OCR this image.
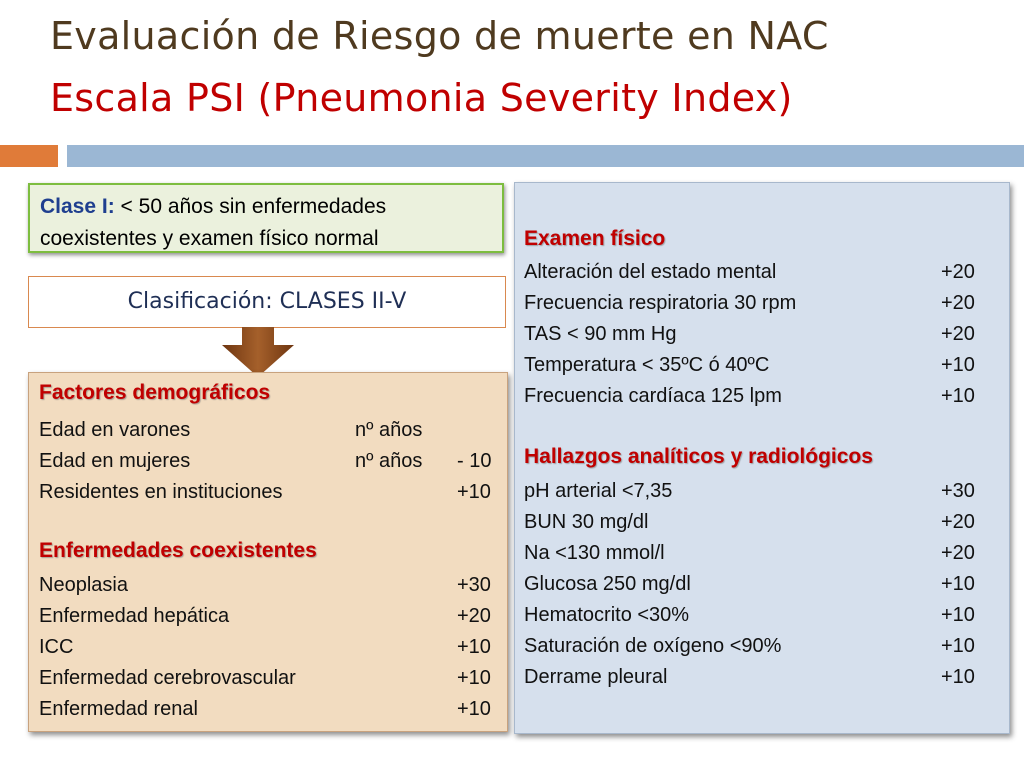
Evaluación de Riesgo de muerte en NAC
Escala PSI (Pneumonia Severity Index)
Clase I: < 50 años sin enfermedades
coexistentes y examen físico normal
Clasificación: CLASES II-V
Factores demográficos
Edad en varones	nº años
Edad en mujeres	nº años - 10
Residentes en instituciones	+10
Enfermedades coexistentes
Neoplasia	+30
Enfermedad hepática	+20
ICC	+10
Enfermedad cerebrovascular	+10
Enfermedad renal	+10
Examen físico
Alteración del estado mental	+20
Frecuencia respiratoria 30 rpm	+20
TAS < 90 mm Hg	+20
Temperatura < 35ºC ó 40ºC	+10
Frecuencia cardíaca 125 lpm	+10
Hallazgos analíticos y radiológicos
pH arterial <7,35	+30
BUN 30 mg/dl	+20
Na <130 mmol/l	+20
Glucosa 250 mg/dl	+10
Hematocrito <30%	+10
Saturación de oxígeno <90%	+10
Derrame pleural	+10
